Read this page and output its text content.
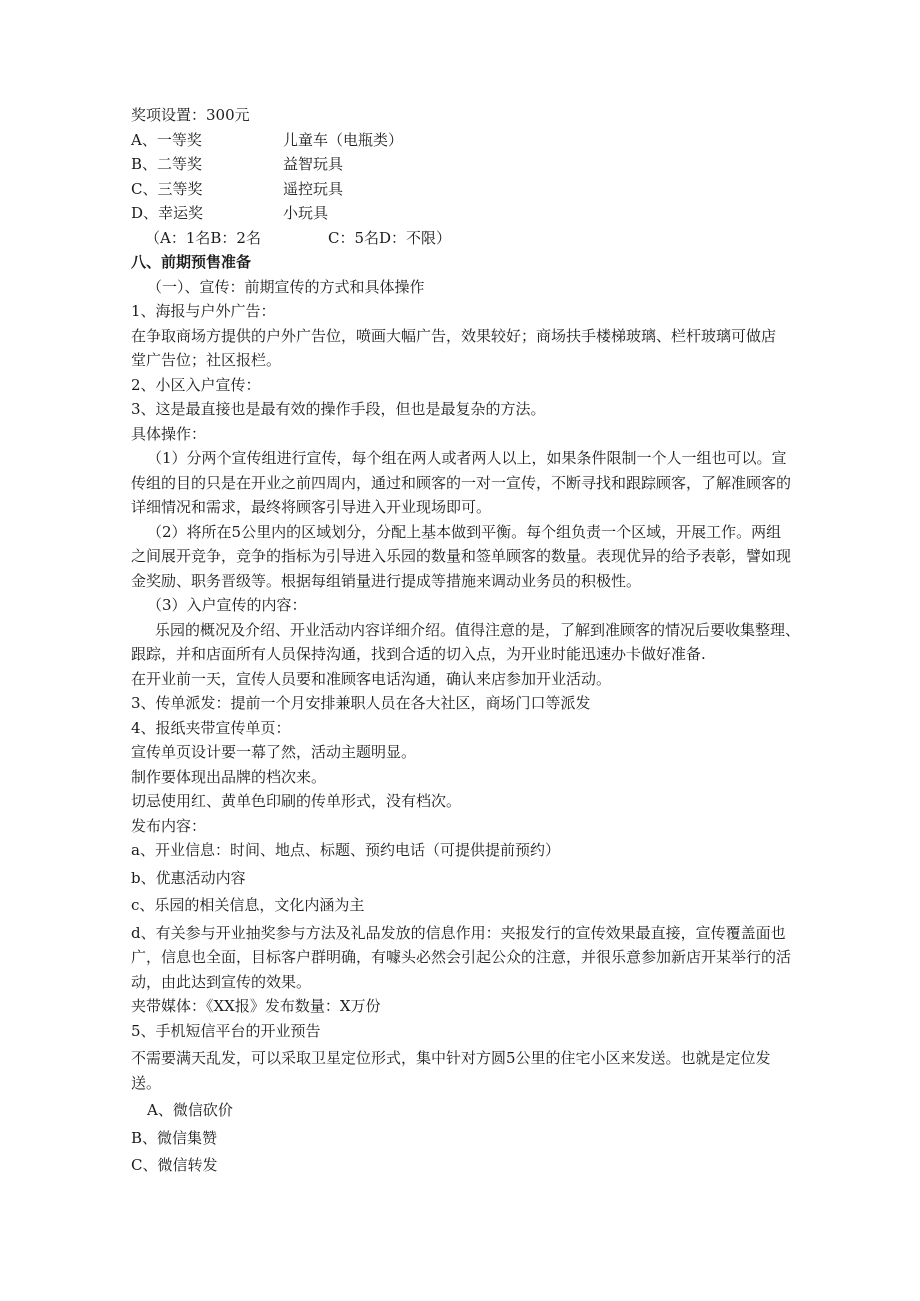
奖项设置：300元
A、一等奖	儿童车（电瓶类）
B、二等奖	益智玩具
C、三等奖	遥控玩具
D、幸运奖	小玩具
（A：1名B：2名	C：5名D：不限）
八、前期预售准备
（一）、宣传：前期宣传的方式和具体操作
1、海报与户外广告：
在争取商场方提供的户外广告位，喷画大幅广告，效果较好；商场扶手楼梯玻璃、栏杆玻璃可做店
堂广告位；社区报栏。
2、小区入户宣传：
3、这是最直接也是最有效的操作手段，但也是最复杂的方法。
具体操作：
（1）分两个宣传组进行宣传，每个组在两人或者两人以上，如果条件限制一个人一组也可以。宣
传组的目的只是在开业之前四周内，通过和顾客的一对一宣传，不断寻找和跟踪顾客，了解准顾客的
详细情况和需求，最终将顾客引导进入开业现场即可。
（2）将所在5公里内的区域划分，分配上基本做到平衡。每个组负责一个区域，开展工作。两组
之间展开竞争，竞争的指标为引导进入乐园的数量和签单顾客的数量。表现优异的给予表彰，譬如现
金奖励、职务晋级等。根据每组销量进行提成等措施来调动业务员的积极性。
（3）入户宣传的内容：
乐园的概况及介绍、开业活动内容详细介绍。值得注意的是，了解到准顾客的情况后要收集整理、
跟踪，并和店面所有人员保持沟通，找到合适的切入点，为开业时能迅速办卡做好准备.
在开业前一天，宣传人员要和准顾客电话沟通，确认来店参加开业活动。
3、传单派发：提前一个月安排兼职人员在各大社区，商场门口等派发
4、报纸夹带宣传单页：
宣传单页设计要一幕了然，活动主题明显。
制作要体现出品牌的档次来。
切忌使用红、黄单色印刷的传单形式，没有档次。
发布内容：
a、开业信息：时间、地点、标题、预约电话（可提供提前预约）
b、优惠活动内容
c、乐园的相关信息，文化内涵为主
d、有关参与开业抽奖参与方法及礼品发放的信息作用：夹报发行的宣传效果最直接，宣传覆盖面也
广，信息也全面，目标客户群明确，有噱头必然会引起公众的注意，并很乐意参加新店开某举行的活
动，由此达到宣传的效果。
夹带媒体：《XX报》发布数量：X万份
5、手机短信平台的开业预告
不需要满天乱发，可以采取卫星定位形式，集中针对方圆5公里的住宅小区来发送。也就是定位发
送。
A、微信砍价
B、微信集赞
C、微信转发
